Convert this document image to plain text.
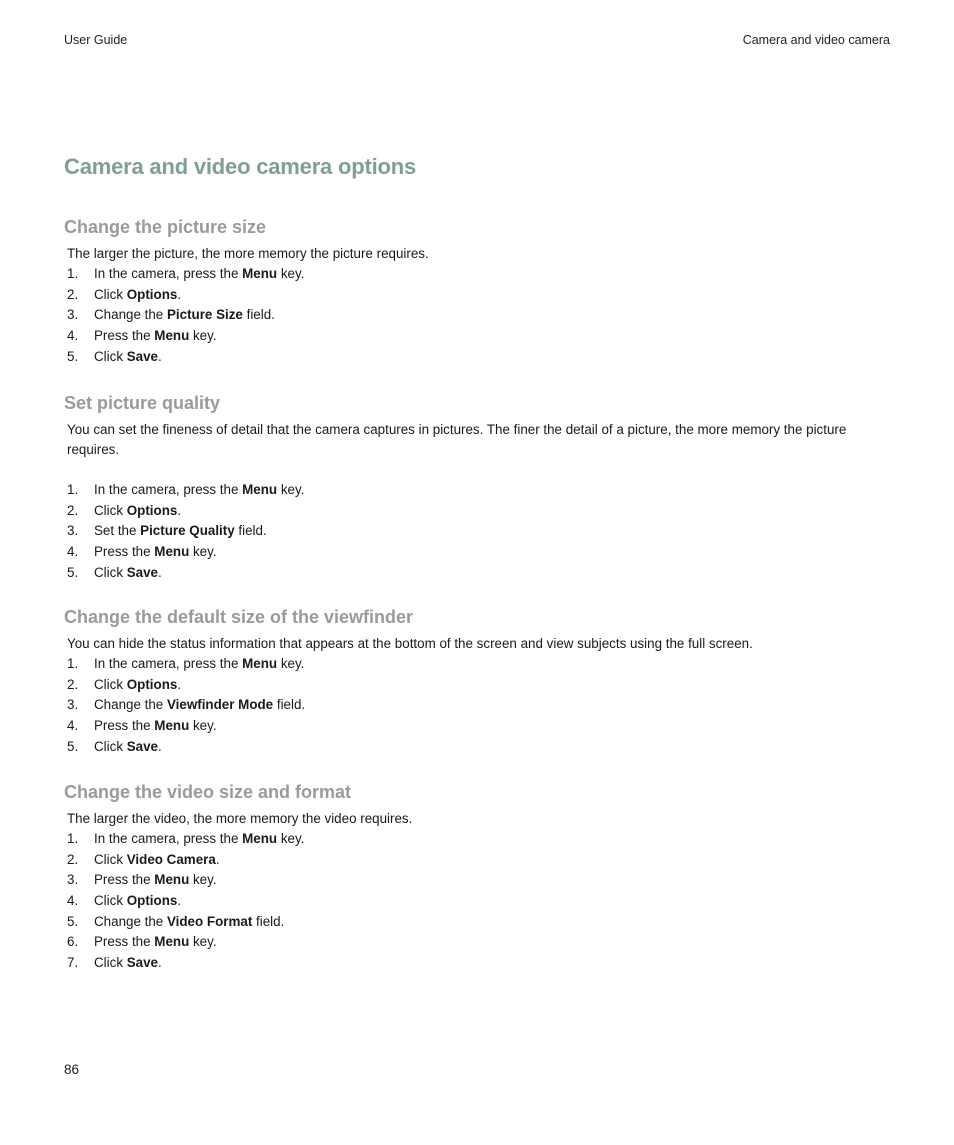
User Guide	Camera and video camera
Camera and video camera options
Change the picture size

The larger the picture, the more memory the picture requires.

1. In the camera, press the Menu key.
2. Click Options.
3. Change the Picture Size field.
4. Press the Menu key.
5. Click Save.
Set picture quality

You can set the fineness of detail that the camera captures in pictures. The finer the detail of a picture, the more memory the picture requires.

1. In the camera, press the Menu key.
2. Click Options.
3. Set the Picture Quality field.
4. Press the Menu key.
5. Click Save.
Change the default size of the viewfinder

You can hide the status information that appears at the bottom of the screen and view subjects using the full screen.

1. In the camera, press the Menu key.
2. Click Options.
3. Change the Viewfinder Mode field.
4. Press the Menu key.
5. Click Save.
Change the video size and format

The larger the video, the more memory the video requires.

1. In the camera, press the Menu key.
2. Click Video Camera.
3. Press the Menu key.
4. Click Options.
5. Change the Video Format field.
6. Press the Menu key.
7. Click Save.
86
